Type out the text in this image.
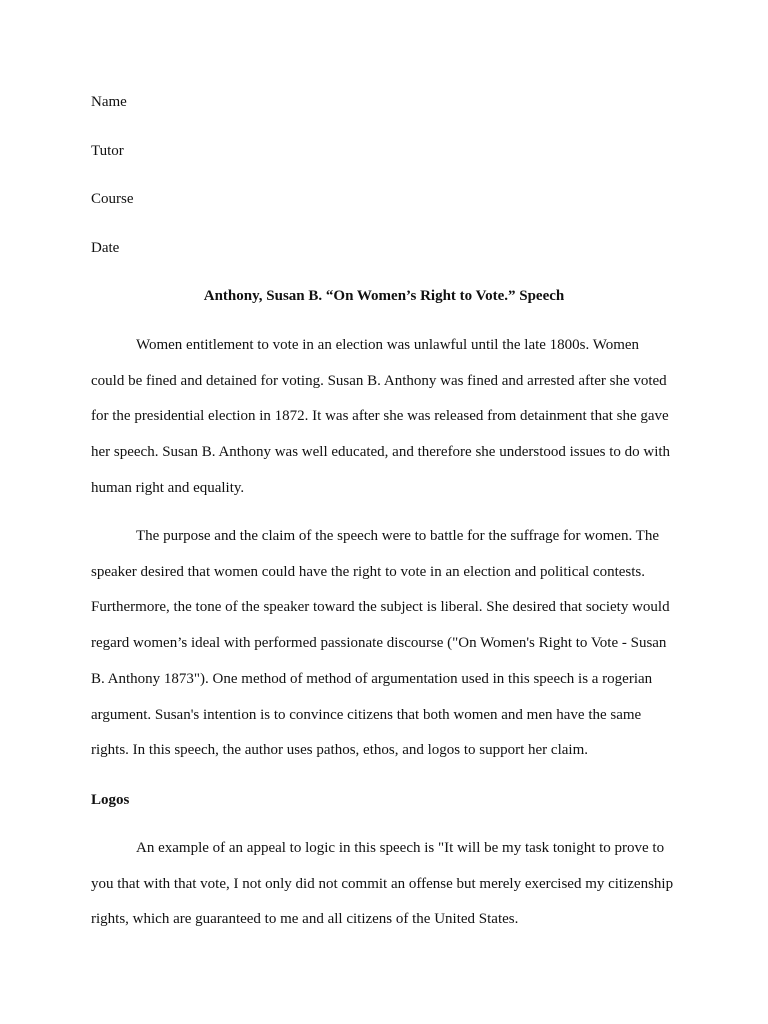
Name
Tutor
Course
Date
Anthony, Susan B. “On Women’s Right to Vote.” Speech
Women entitlement to vote in an election was unlawful until the late 1800s. Women
could be fined and detained for voting. Susan B. Anthony was fined and arrested after she voted
for the presidential election in 1872. It was after she was released from detainment that she gave
her speech. Susan B. Anthony was well educated, and therefore she understood issues to do with
human right and equality.
The purpose and the claim of the speech were to battle for the suffrage for women. The
speaker desired that women could have the right to vote in an election and political contests.
Furthermore, the tone of the speaker toward the subject is liberal. She desired that society would
regard women’s ideal with performed passionate discourse ("On Women's Right to Vote - Susan
B. Anthony 1873"). One method of method of argumentation used in this speech is a rogerian
argument. Susan's intention is to convince citizens that both women and men have the same
rights. In this speech, the author uses pathos, ethos, and logos to support her claim.
Logos
An example of an appeal to logic in this speech is "It will be my task tonight to prove to
you that with that vote, I not only did not commit an offense but merely exercised my citizenship
rights, which are guaranteed to me and all citizens of the United States.
